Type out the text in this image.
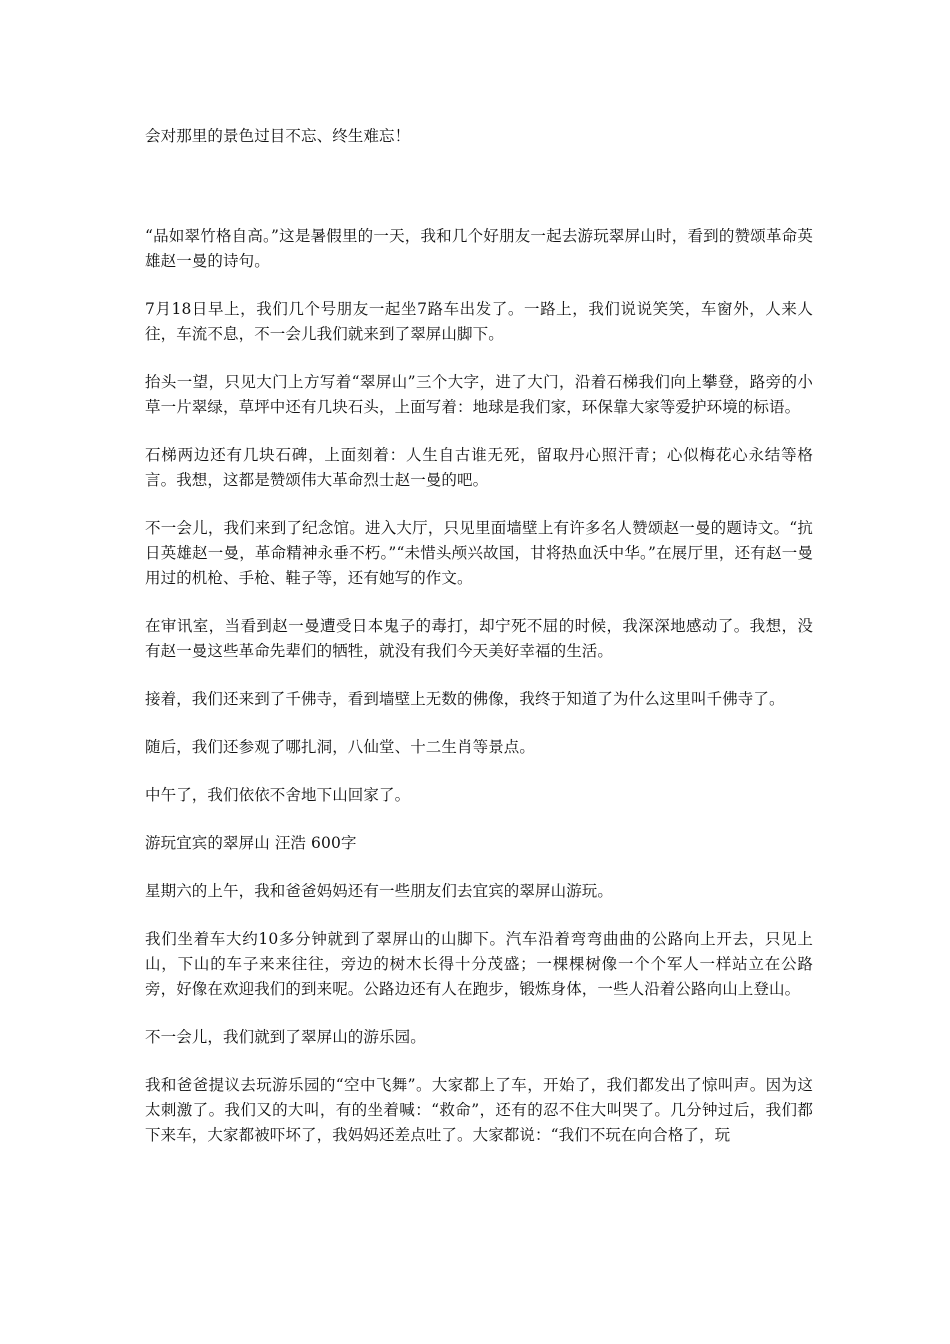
会对那里的景色过目不忘、终生难忘！

“品如翠竹格自高。”这是暑假里的一天，我和几个好朋友一起去游玩翠屏山时，看到的赞颂革命英雄赵一曼的诗句。

7月18日早上，我们几个号朋友一起坐7路车出发了。一路上，我们说说笑笑，车窗外，人来人往，车流不息，不一会儿我们就来到了翠屏山脚下。

抬头一望，只见大门上方写着“翠屏山”三个大字，进了大门，沿着石梯我们向上攀登，路旁的小草一片翠绿，草坪中还有几块石头，上面写着：地球是我们家，环保靠大家等爱护环境的标语。

石梯两边还有几块石碑，上面刻着：人生自古谁无死，留取丹心照汗青；心似梅花心永结等格言。我想，这都是赞颂伟大革命烈士赵一曼的吧。

不一会儿，我们来到了纪念馆。进入大厅，只见里面墙壁上有许多名人赞颂赵一曼的题诗文。“抗日英雄赵一曼，革命精神永垂不朽。”“未惜头颅兴故国，甘将热血沃中华。”在展厅里，还有赵一曼用过的机枪、手枪、鞋子等，还有她写的作文。

在审讯室，当看到赵一曼遭受日本鬼子的毒打，却宁死不屈的时候，我深深地感动了。我想，没有赵一曼这些革命先辈们的牺牲，就没有我们今天美好幸福的生活。

接着，我们还来到了千佛寺，看到墙壁上无数的佛像，我终于知道了为什么这里叫千佛寺了。

随后，我们还参观了哪扎洞，八仙堂、十二生肖等景点。

中午了，我们依依不舍地下山回家了。

游玩宜宾的翠屏山 汪浩 600字

星期六的上午，我和爸爸妈妈还有一些朋友们去宜宾的翠屏山游玩。

我们坐着车大约10多分钟就到了翠屏山的山脚下。汽车沿着弯弯曲曲的公路向上开去，只见上山，下山的车子来来往往，旁边的树木长得十分茂盛；一棵棵树像一个个军人一样站立在公路旁，好像在欢迎我们的到来呢。公路边还有人在跑步，锻炼身体，一些人沿着公路向山上登山。

不一会儿，我们就到了翠屏山的游乐园。

我和爸爸提议去玩游乐园的“空中飞舞”。大家都上了车，开始了，我们都发出了惊叫声。因为这太刺激了。我们又的大叫，有的坐着喊：“救命”，还有的忍不住大叫哭了。几分钟过后，我们都下来车，大家都被吓坏了，我妈妈还差点吐了。大家都说：“我们不玩在向合格了，玩
